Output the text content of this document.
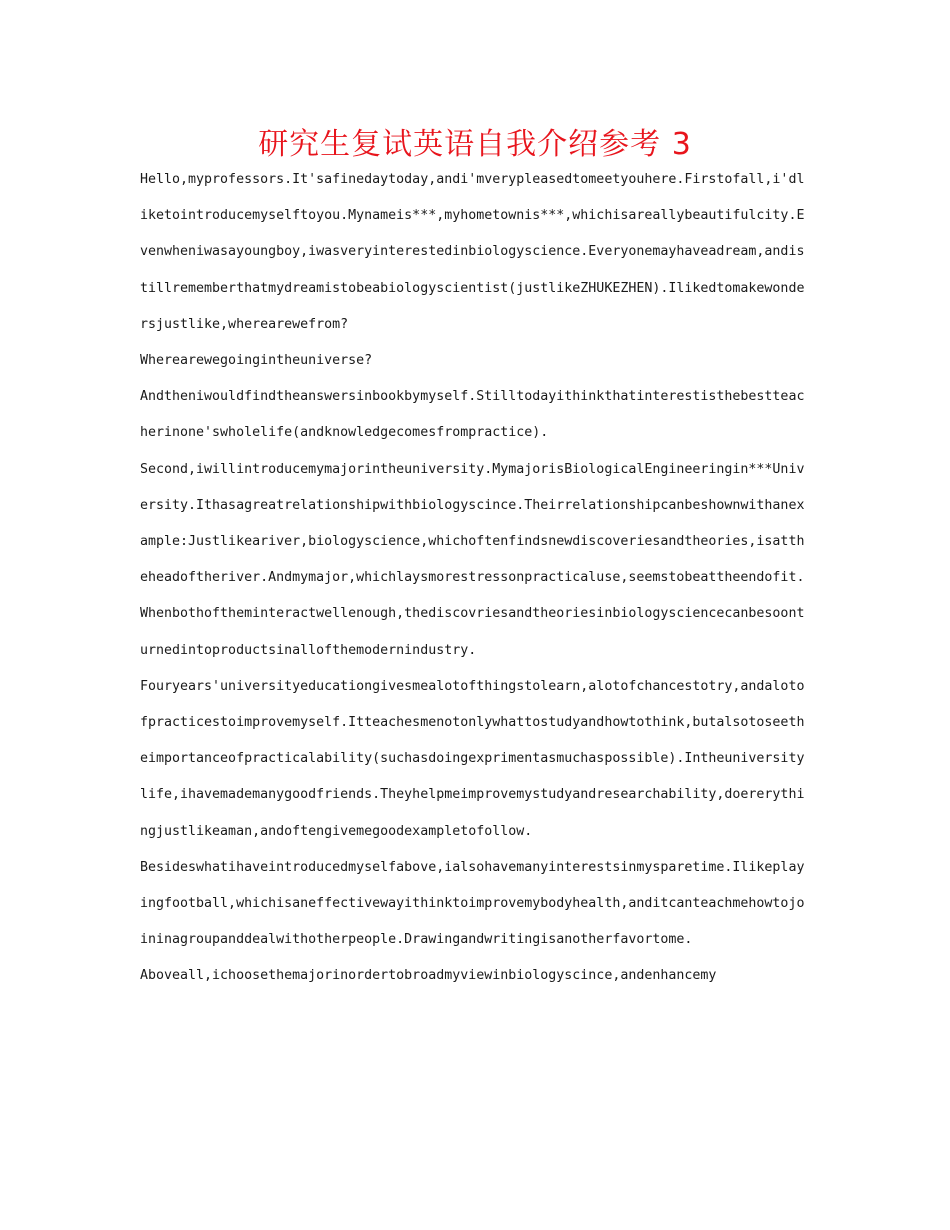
研究生复试英语自我介绍参考 3

Hello,myprofessors.It'safinedaytoday,andi'mverypleasedtomeetyouhere.Firstofall,i'dliketointroducemyselftoyou.Mynameis***,myhometownis***,whichisareallybeautifulcity.Evenwheniwasayoungboy,iwasveryinterestedinbiologyscience.Everyonemayhaveadream,andistillrememberthatmydreamistobeabiologyscientist(justlikeZHUKEZHEN).Ilikedtomakewondersjustlike,wherearewefrom?

Wherearewegoingintheuniverse?

Andtheniwouldfindtheanswersinbookbymyself.Stilltodayithinkthatinterestisthebestteacherinone'swholelife(andknowledgecomesfrompractice).

Second,iwillintroducemymajorintheuniversity.MymajorisBiologicalEngineeringin***University.Ithasagreatrelationshipwithbiologyscince.Theirrelationshipcanbeshownwithanexample:Justlikeariver,biologyscience,whichoftenfindsnewdiscoveriesandtheories,isattheheadoftheriver.Andmymajor,whichlaysmorestressonpracticaluse,seemstobeattheendofit.Whenbothoftheminteractwellenough,thediscovriesandtheoriesinbiologysciencecanbesoonturnedintoproductsinallofthemodernindustry.

Fouryears'universityeducationgivesmealotofthingstolearn,alotofchancestotry,andalotofpracticestoimprovemyself.Itteachesmenotonlywhattostudyandhowtothink,butalsotoseetheimportanceofpracticalability(suchasdoingexprimentasmuchaspossible).Intheuniversitylife,ihavemademanygoodfriends.Theyhelpmeimprovemystudyandresearchability,doererythingjustlikeaman,andoftengivemegoodexampletofollow.

Besideswhatihaveintroducedmyselfabove,ialsohavemanyinterestsinmysparetime.Ilikeplayingfootball,whichisaneffectivewayithinktoimprovemybodyhealth,anditcanteachmehowtojoininagroupanddealwithotherpeople.Drawingandwritingisanotherfavortome.

Aboveall,ichoosethemajorinordertobroadmyviewinbiologyscince,andenhancemy
